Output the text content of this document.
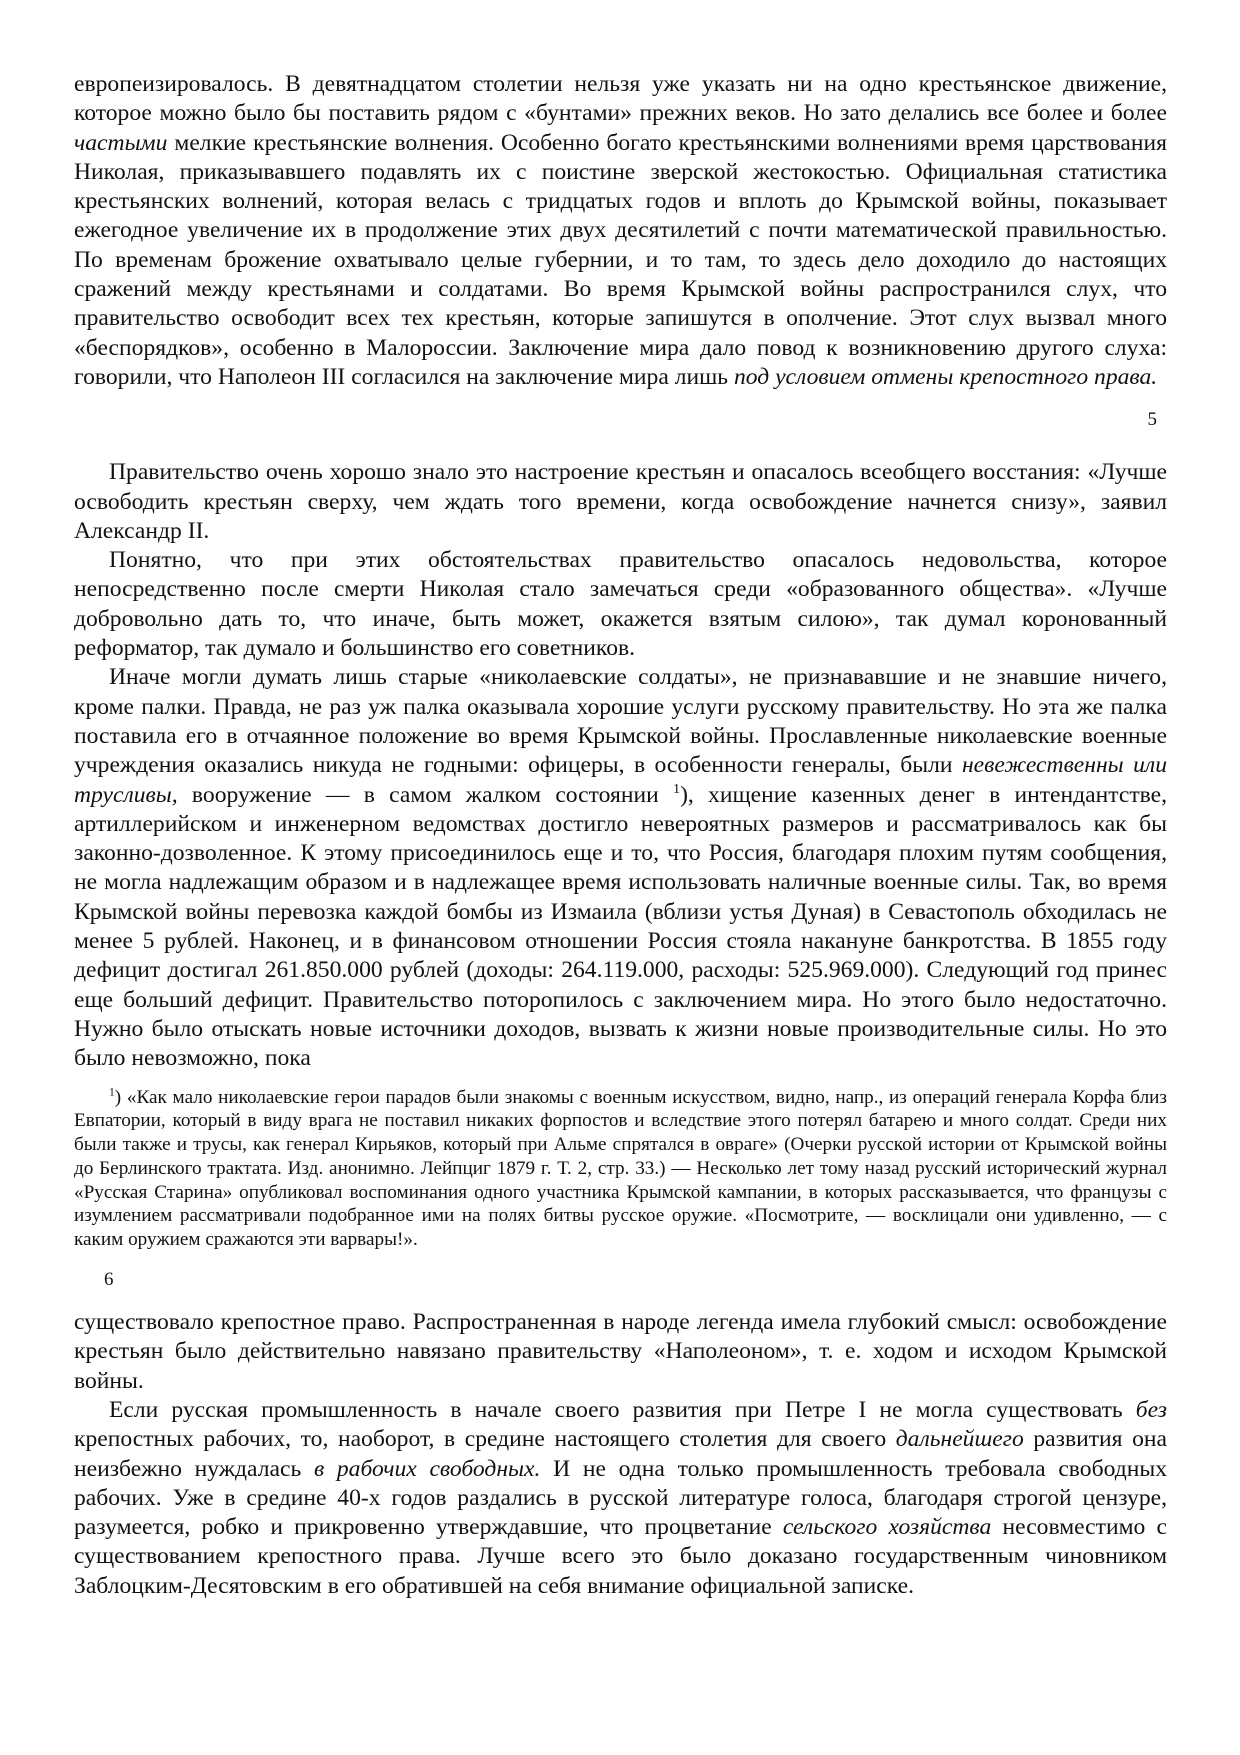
европеизировалось. В девятнадцатом столетии нельзя уже указать ни на одно крестьянское движение, которое можно было бы поставить рядом с «бунтами» прежних веков. Но зато делались все более и более частыми мелкие крестьянские волнения. Особенно богато крестьянскими волнениями время царствования Николая, приказывавшего подавлять их с поистине зверской жестокостью. Официальная статистика крестьянских волнений, которая велась с тридцатых годов и вплоть до Крымской войны, показывает ежегодное увеличение их в продолжение этих двух десятилетий с почти математической правильностью. По временам брожение охватывало целые губернии, и то там, то здесь дело доходило до настоящих сражений между крестьянами и солдатами. Во время Крымской войны распространился слух, что правительство освободит всех тех крестьян, которые запишутся в ополчение. Этот слух вызвал много «беспорядков», особенно в Малороссии. Заключение мира дало повод к возникновению другого слуха: говорили, что Наполеон III согласился на заключение мира лишь под условием отмены крепостного права.

5

Правительство очень хорошо знало это настроение крестьян и опасалось всеобщего восстания: «Лучше освободить крестьян сверху, чем ждать того времени, когда освобождение начнется снизу», заявил Александр II.

Понятно, что при этих обстоятельствах правительство опасалось недовольства, которое непосредственно после смерти Николая стало замечаться среди «образованного общества». «Лучше добровольно дать то, что иначе, быть может, окажется взятым силою», так думал коронованный реформатор, так думало и большинство его советников.

Иначе могли думать лишь старые «николаевские солдаты», не признававшие и не знавшие ничего, кроме палки. Правда, не раз уж палка оказывала хорошие услуги русскому правительству. Но эта же палка поставила его в отчаянное положение во время Крымской войны. Прославленные николаевские военные учреждения оказались никуда не годными: офицеры, в особенности генералы, были невежественны или трусливы, вооружение — в самом жалком состоянии $^1$), хищение казенных денег в интендантстве, артиллерийском и инженерном ведомствах достигло невероятных размеров и рассматривалось как бы законно-дозволенное. К этому присоединилось еще и то, что Россия, благодаря плохим путям сообщения, не могла надлежащим образом и в надлежащее время использовать наличные военные силы. Так, во время Крымской войны перевозка каждой бомбы из Измаила (вблизи устья Дуная) в Севастополь обходилась не менее 5 рублей. Наконец, и в финансовом отношении Россия стояла накануне банкротства. В 1855 году дефицит достигал 261.850.000 рублей (доходы: 264.119.000, расходы: 525.969.000). Следующий год принес еще больший дефицит. Правительство поторопилось с заключением мира. Но этого было недостаточно. Нужно было отыскать новые источники доходов, вызвать к жизни новые производительные силы. Но это было невозможно, пока

$^1$) «Как мало николаевские герои парадов были знакомы с военным искусством, видно, напр., из операций генерала Корфа близ Евпатории, который в виду врага не поставил никаких форпостов и вследствие этого потерял батарею и много солдат. Среди них были также и трусы, как генерал Кирьяков, который при Альме спрятался в овраге» (Очерки русской истории от Крымской войны до Берлинского трактата. Изд. анонимно. Лейпциг 1879 г. Т. 2, стр. 33.) — Несколько лет тому назад русский исторический журнал «Русская Старина» опубликовал воспоминания одного участника Крымской кампании, в которых рассказывается, что французы с изумлением рассматривали подобранное ими на полях битвы русское оружие. «Посмотрите, — восклицали они удивленно, — с каким оружием сражаются эти варвары!».

6

существовало крепостное право. Распространенная в народе легенда имела глубокий смысл: освобождение крестьян было действительно навязано правительству «Наполеоном», т. е. ходом и исходом Крымской войны.

Если русская промышленность в начале своего развития при Петре I не могла существовать без крепостных рабочих, то, наоборот, в средине настоящего столетия для своего дальнейшего развития она неизбежно нуждалась в рабочих свободных. И не одна только промышленность требовала свободных рабочих. Уже в средине 40-х годов раздались в русской литературе голоса, благодаря строгой цензуре, разумеется, робко и прикровенно утверждавшие, что процветание сельского хозяйства несовместимо с существованием крепостного права. Лучше всего это было доказано государственным чиновником Заблоцким-Десятовским в его обратившей на себя внимание официальной записке.
